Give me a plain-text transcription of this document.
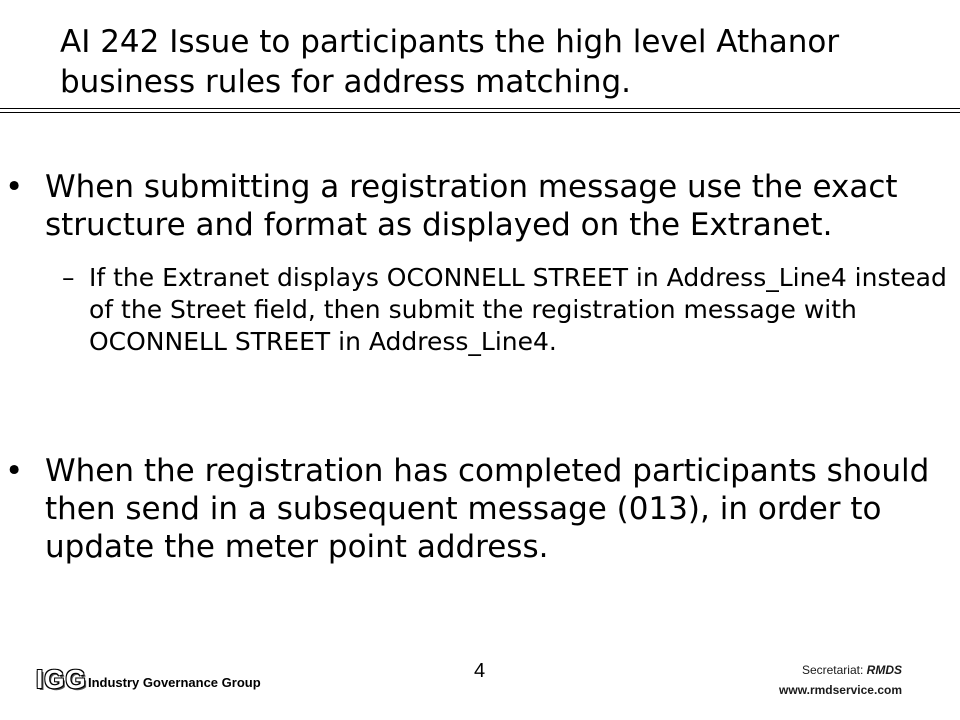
AI 242 Issue to participants the high level Athanor
business rules for address matching.
• When submitting a registration message use the exact structure and format as displayed on the Extranet.
– If the Extranet displays OCONNELL STREET in Address_Line4 instead of the Street field, then submit the registration message with OCONNELL STREET in Address_Line4.
• When the registration has completed participants should then send in a subsequent message (013), in order to update the meter point address.
IGG Industry Governance Group
4	Secretariat: RMDS
www.rmdservice.com
